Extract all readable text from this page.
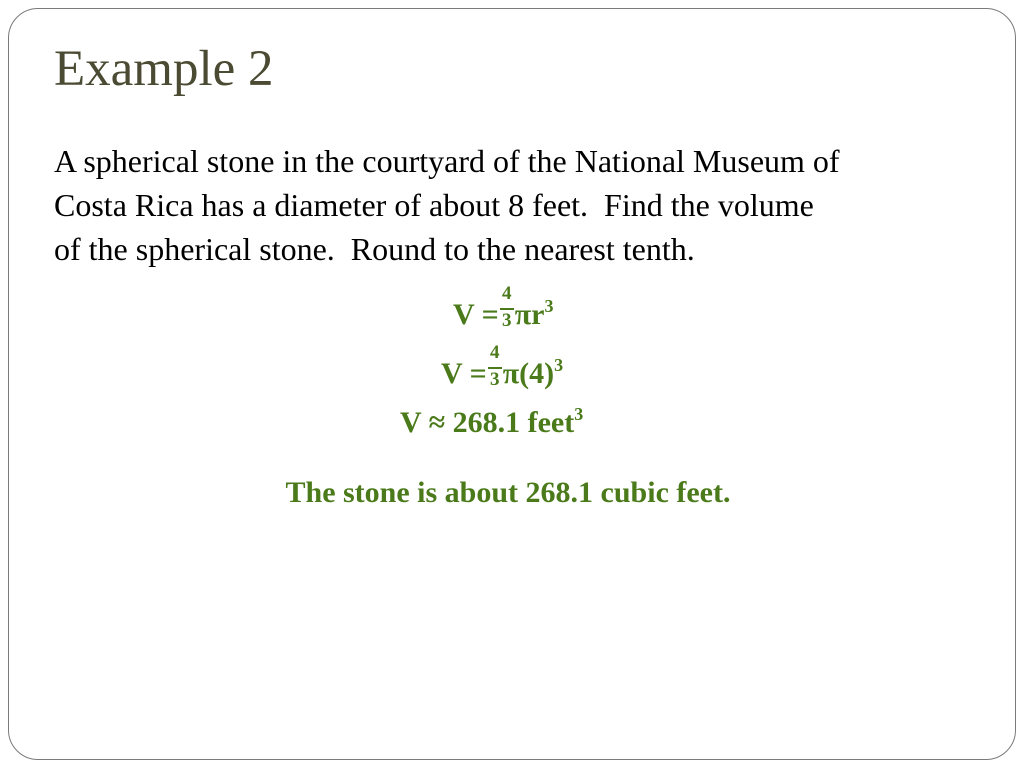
Example 2
A spherical stone in the courtyard of the National Museum of
Costa Rica has a diameter of about 8 feet.  Find the volume
of the spherical stone.  Round to the nearest tenth.
$V = \frac{4}{3} \pi r^3$
$V = \frac{4}{3} \pi(4)^3$
V ≈ 268.1 feet$^3$
The stone is about 268.1 cubic feet.
